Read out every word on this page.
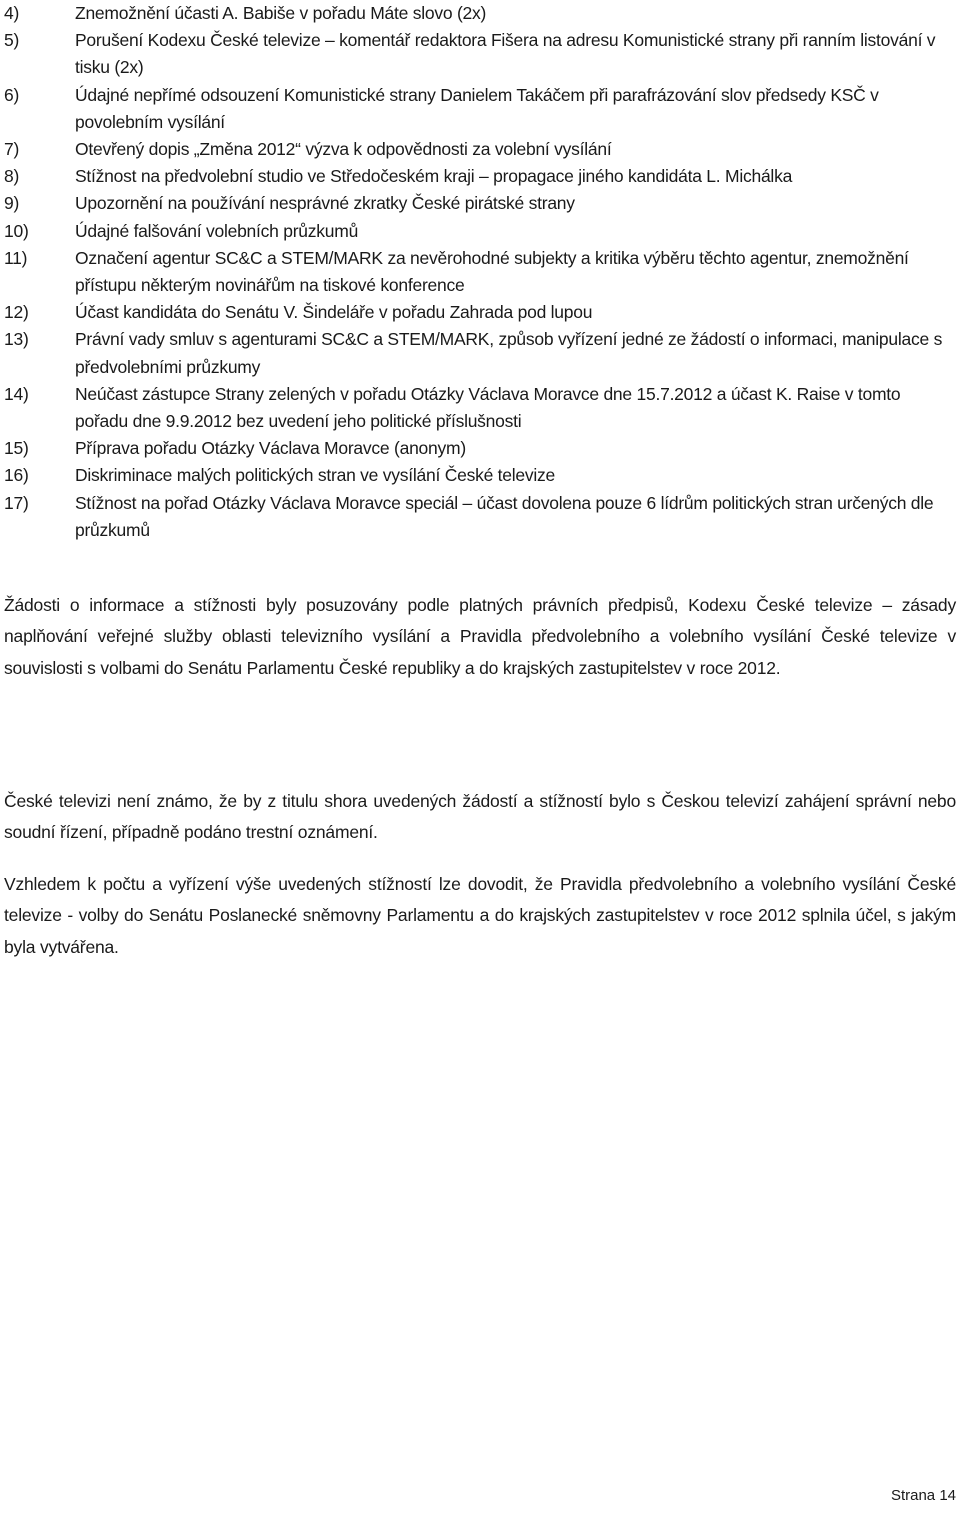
4)	Znemožnění účasti A. Babiše v pořadu Máte slovo (2x)
5)	Porušení Kodexu České televize – komentář redaktora Fišera na adresu Komunistické strany při ranním listování v tisku (2x)
6)	Údajné nepřímé odsouzení Komunistické strany Danielem Takáčem při parafrázování slov předsedy KSČ v povolebním vysílání
7)	Otevřený dopis „Změna 2012“ výzva k odpovědnosti za volební vysílání
8)	Stížnost na předvolební studio ve Středočeském kraji – propagace jiného kandidáta L. Michálka
9)	Upozornění na používání nesprávné zkratky České pirátské strany
10)	Údajné falšování volebních průzkumů
11)	Označení agentur SC&C a STEM/MARK za nevěrohodné subjekty a kritika výběru těchto agentur, znemožnění přístupu některým novinářům na tiskové konference
12)	Účast kandidáta do Senátu V. Šindeláře v pořadu Zahrada pod lupou
13)	Právní vady smluv s agenturami SC&C a STEM/MARK, způsob vyřízení jedné ze žádostí o informaci, manipulace s předvolebními průzkumy
14)	Neúčast zástupce Strany zelených v pořadu Otázky Václava Moravce dne 15.7.2012 a účast K. Raise v tomto pořadu dne 9.9.2012 bez uvedení jeho politické příslušnosti
15)	Příprava pořadu Otázky Václava Moravce (anonym)
16)	Diskriminace malých politických stran ve vysílání České televize
17)	Stížnost na pořad Otázky Václava Moravce speciál – účast dovolena pouze 6 lídrům politických stran určených dle průzkumů

Žádosti o informace a stížnosti byly posuzovány podle platných právních předpisů, Kodexu České televize – zásady naplňování veřejné služby oblasti televizního vysílání a Pravidla předvolebního a volebního vysílání České televize v souvislosti s volbami do Senátu Parlamentu České republiky a do krajských zastupitelstev v roce 2012.

České televizi není známo, že by z titulu shora uvedených žádostí a stížností bylo s Českou televizí zahájení správní nebo soudní řízení, případně podáno trestní oznámení.

Vzhledem k počtu a vyřízení výše uvedených stížností lze dovodit, že Pravidla předvolebního a volebního vysílání České televize - volby do Senátu Poslanecké sněmovny Parlamentu a do krajských zastupitelstev v roce 2012 splnila účel, s jakým byla vytvářena.

Strana 14
